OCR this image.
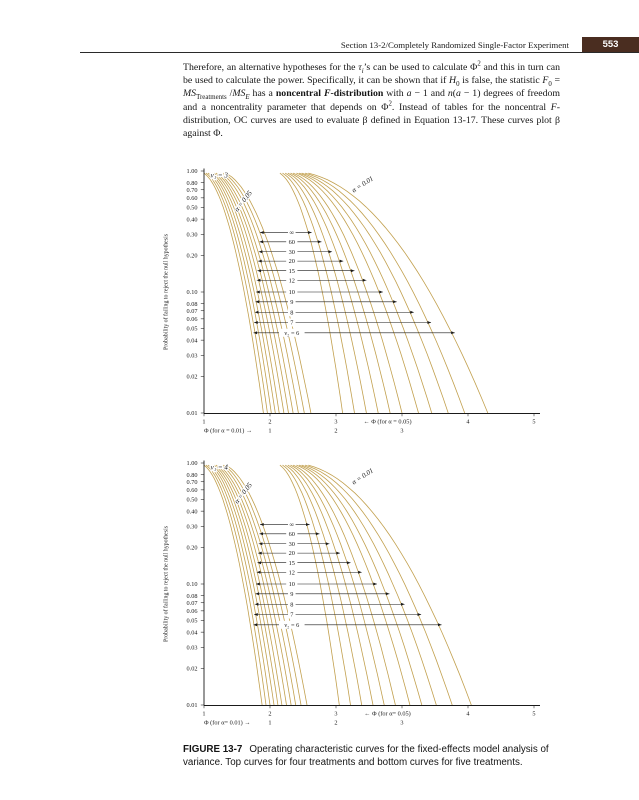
Section 13-2/Completely Randomized Single-Factor Experiment	553

Therefore, an alternative hypotheses for the $\tau_i’s$ can be used to calculate $\Phi^2$ and this in turn can be used to calculate the power. Specifically, it can be shown that if $H_0$ is false, the statistic $F_0 = MS_{Treatments}$ $/MS_E$ has a noncentral F-distribution with a − 1 and n(a − 1) degrees of freedom and a noncentrality parameter that depends on $\Phi^2$. Instead of tables for the noncentral F-distribution, OC curves are used to evaluate β defined in Equation 13-17. These curves plot β against Φ.

1.00
0.80
0.70
0.60
0.50
0.40
0.30
0.20
0.10
0.08
0.07
0.06
0.05
0.04
0.03
0.02
0.01
1	2	3	4	5
1	2	3
← Φ (for α = 0.05)
Φ (for α = 0.01) →
∞
60
30
20
15
12
10
9
8
7
ν₂ = 6
α = 0.05
α = 0.01
ν₁ = 3
Probability of failing to reject the null hypothesis
1.00
0.80
0.70
0.60
0.50
0.40
0.30
0.20
0.10
0.08
0.07
0.06
0.05
0.04
0.03
0.02
0.01
1	2	3	4	5
1	2	3
← Φ (for α= 0.05)
Φ (for α= 0.01) →
∞
60
30
20
15
12
10
9
8
7
ν₂ = 6
α = 0.05
α = 0.01
ν₁ = 4
Probability of failing to reject the null hypothesis
FIGURE 13-7 Operating characteristic curves for the fixed-effects model analysis of variance. Top curves for four treatments and bottom curves for five treatments.
